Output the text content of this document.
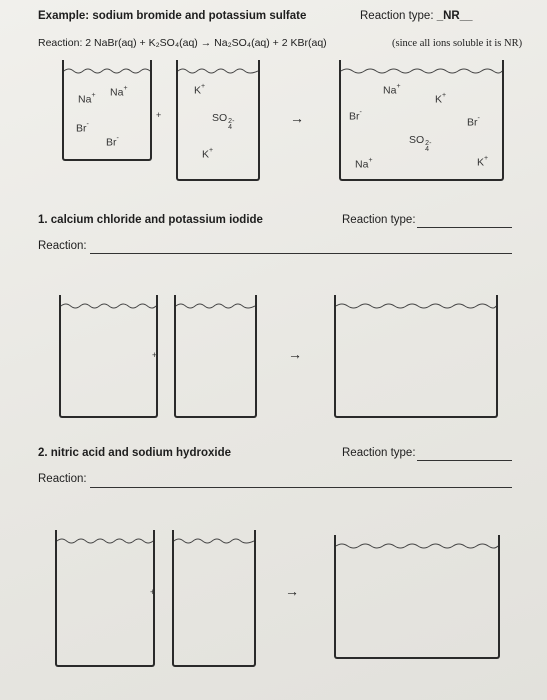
Example: sodium bromide and potassium sulfate	Reaction type: _NR__
Reaction: 2 NaBr(aq) + K₂SO₄(aq) → Na₂SO₄(aq) + 2 KBr(aq)	(since all ions soluble it is NR)
Na+ Na+
Br-
Br-
+
K+
SO 2-
4
K+
→
Na+
K+
Br-
Br-
SO 2-
4
Na+	K+
1. calcium chloride and potassium iodide	Reaction type:
Reaction:
+	→
2. nitric acid and sodium hydroxide	Reaction type:
Reaction:
+	→
